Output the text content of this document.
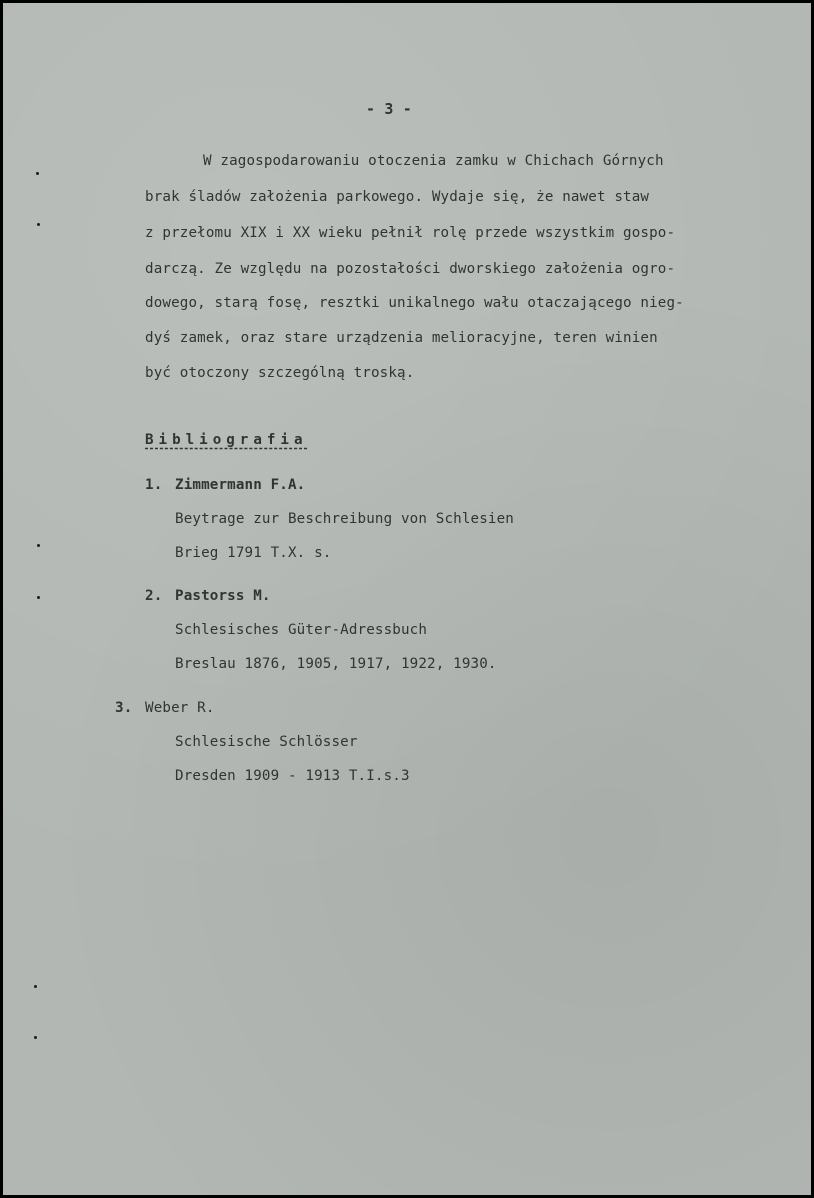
- 3 -
W zagospodarowaniu otoczenia zamku w Chichach Górnych
brak śladów założenia parkowego. Wydaje się, że nawet staw
z przełomu XIX i XX wieku pełnił rolę przede wszystkim gospo-
darczą. Ze względu na pozostałości dworskiego założenia ogro-
dowego, starą fosę, resztki unikalnego wału otaczającego nieg-
dyś zamek, oraz stare urządzenia melioracyjne, teren winien
być otoczony szczególną troską.
Bibliografia
1. Zimmermann F.A.
Beytrage zur Beschreibung von Schlesien
Brieg 1791 T.X. s.
2. Pastorss M.
Schlesisches Güter-Adressbuch
Breslau 1876, 1905, 1917, 1922, 1930.
3. Weber R.
Schlesische Schlösser
Dresden 1909 - 1913 T.I.s.3
